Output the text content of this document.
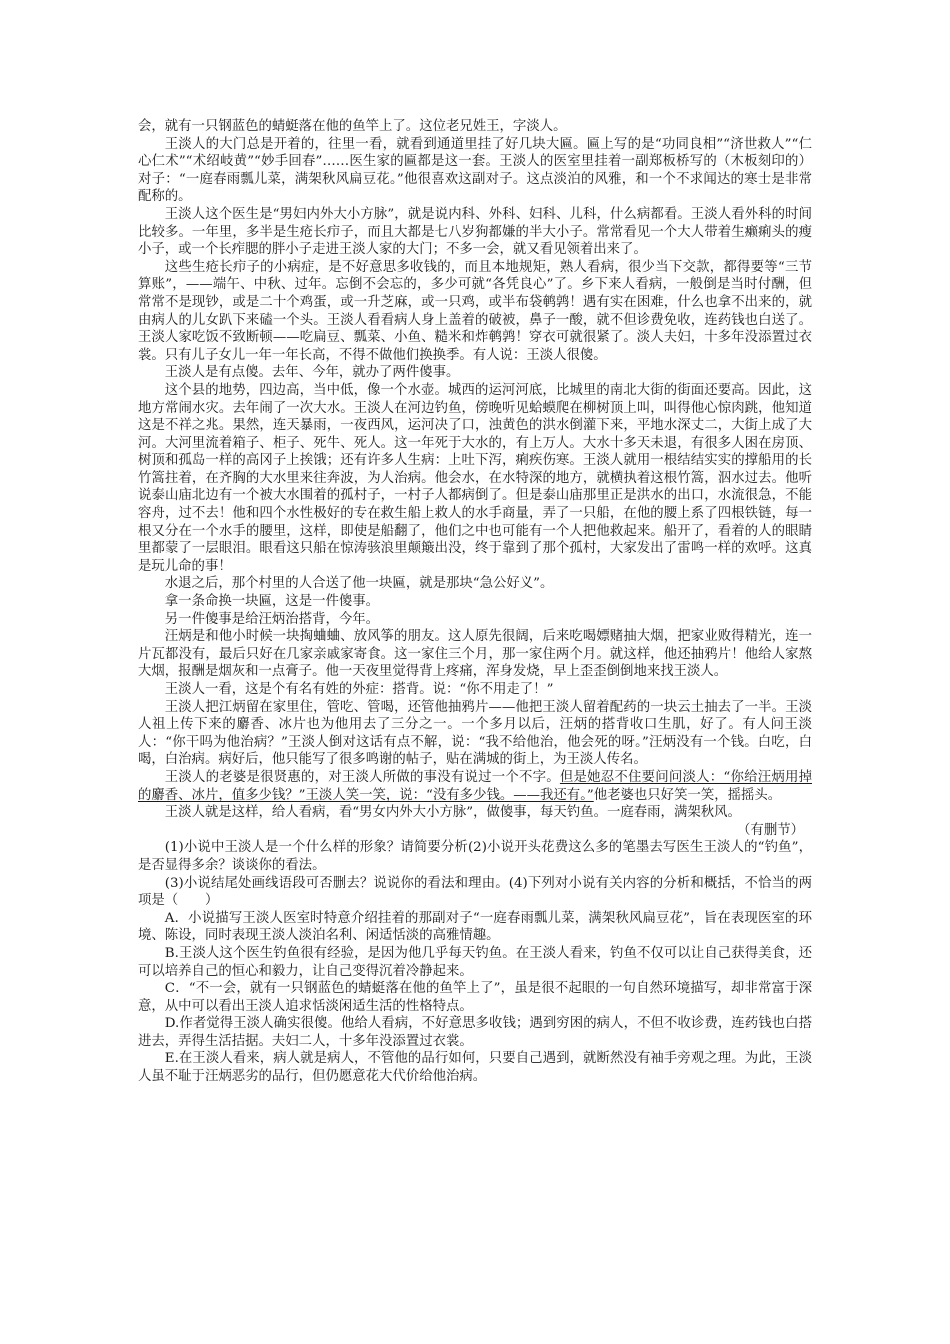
会，就有一只钢蓝色的蜻蜓落在他的鱼竿上了。这位老兄姓王，字淡人。

王淡人的大门总是开着的，往里一看，就看到通道里挂了好几块大匾。匾上写的是“功同良相”“济世救人”“仁心仁术”“术绍岐黄”“妙手回春”……医生家的匾都是这一套。王淡人的医室里挂着一副郑板桥写的（木板刻印的）对子：“一庭春雨瓢儿菜，满架秋风扁豆花。”他很喜欢这副对子。这点淡泊的风雅，和一个不求闻达的寒士是非常配称的。

王淡人这个医生是“男妇内外大小方脉”，就是说内科、外科、妇科、儿科，什么病都看。王淡人看外科的时间比较多。一年里，多半是生疮长疖子，而且大都是七八岁狗都嫌的半大小子。常常看见一个大人带着生癞痢头的瘦小子，或一个长痄腮的胖小子走进王淡人家的大门；不多一会，就又看见领着出来了。

这些生疮长疖子的小病症，是不好意思多收钱的，而且本地规矩，熟人看病，很少当下交款，都得要等“三节算账”，——端午、中秋、过年。忘倒不会忘的，多少可就“各凭良心”了。乡下来人看病，一般倒是当时付酬，但常常不是现钞，或是二十个鸡蛋，或一升芝麻，或一只鸡，或半布袋鹌鹑！遇有实在困难，什么也拿不出来的，就由病人的儿女趴下来磕一个头。王淡人看看病人身上盖着的破被，鼻子一酸，就不但诊费免收，连药钱也白送了。王淡人家吃饭不致断顿——吃扁豆、瓢菜、小鱼、糙米和炸鹌鹑！穿衣可就很紧了。淡人夫妇，十多年没添置过衣裳。只有儿子女儿一年一年长高，不得不做他们换换季。有人说：王淡人很傻。

王淡人是有点傻。去年、今年，就办了两件傻事。

这个县的地势，四边高，当中低，像一个水壶。城西的运河河底，比城里的南北大街的街面还要高。因此，这地方常闹水灾。去年闹了一次大水。王淡人在河边钓鱼，傍晚听见蛤蟆爬在柳树顶上叫，叫得他心惊肉跳，他知道这是不祥之兆。果然，连天暴雨，一夜西风，运河决了口，浊黄色的洪水倒灌下来，平地水深丈二，大街上成了大河。大河里流着箱子、柜子、死牛、死人。这一年死于大水的，有上万人。大水十多天未退，有很多人困在房顶、树顶和孤岛一样的高冈子上挨饿；还有许多人生病：上吐下泻，痢疾伤寒。王淡人就用一根结结实实的撑船用的长竹篙拄着，在齐胸的大水里来往奔波，为人治病。他会水，在水特深的地方，就横执着这根竹篙，泅水过去。他听说泰山庙北边有一个被大水围着的孤村子，一村子人都病倒了。但是泰山庙那里正是洪水的出口，水流很急，不能容舟，过不去！他和四个水性极好的专在救生船上救人的水手商量，弄了一只船，在他的腰上系了四根铁链，每一根又分在一个水手的腰里，这样，即使是船翻了，他们之中也可能有一个人把他救起来。船开了，看着的人的眼睛里都蒙了一层眼泪。眼看这只船在惊涛骇浪里颠簸出没，终于靠到了那个孤村，大家发出了雷鸣一样的欢呼。这真是玩儿命的事！

水退之后，那个村里的人合送了他一块匾，就是那块“急公好义”。

拿一条命换一块匾，这是一件傻事。

另一件傻事是给汪炳治搭背，今年。

汪炳是和他小时候一块掏蛐蛐、放风筝的朋友。这人原先很阔，后来吃喝嫖赌抽大烟，把家业败得精光，连一片瓦都没有，最后只好在几家亲戚家寄食。这一家住三个月，那一家住两个月。就这样，他还抽鸦片！他给人家熬大烟，报酬是烟灰和一点膏子。他一天夜里觉得背上疼痛，浑身发烧，早上歪歪倒倒地来找王淡人。

王淡人一看，这是个有名有姓的外症：搭背。说：“你不用走了！”

王淡人把江炳留在家里住，管吃、管喝，还管他抽鸦片——他把王淡人留着配药的一块云土抽去了一半。王淡人祖上传下来的麝香、冰片也为他用去了三分之一。一个多月以后，汪炳的搭背收口生肌，好了。有人问王淡人：“你干吗为他治病？”王淡人倒对这话有点不解，说：“我不给他治，他会死的呀。”汪炳没有一个钱。白吃，白喝，白治病。病好后，他只能写了很多鸣谢的帖子，贴在满城的街上，为王淡人传名。

王淡人的老婆是很贤惠的，对王淡人所做的事没有说过一个不字。但是她忍不住要问问淡人：“你给汪炳用掉的麝香、冰片，值多少钱？”王淡人笑一笑，说：“没有多少钱。——我还有。”他老婆也只好笑一笑，摇摇头。

王淡人就是这样，给人看病，看“男女内外大小方脉”，做傻事，每天钓鱼。一庭春雨，满架秋风。

（有删节）

(1)小说中王淡人是一个什么样的形象？请简要分析(2)小说开头花费这么多的笔墨去写医生王淡人的“钓鱼”，是否显得多余？谈谈你的看法。

(3)小说结尾处画线语段可否删去？说说你的看法和理由。(4)下列对小说有关内容的分析和概括，不恰当的两项是（　　）

A．小说描写王淡人医室时特意介绍挂着的那副对子“一庭春雨瓢儿菜，满架秋风扁豆花”，旨在表现医室的环境、陈设，同时表现王淡人淡泊名利、闲适恬淡的高雅情趣。

B.王淡人这个医生钓鱼很有经验，是因为他几乎每天钓鱼。在王淡人看来，钓鱼不仅可以让自己获得美食，还可以培养自己的恒心和毅力，让自己变得沉着冷静起来。

C．“不一会，就有一只钢蓝色的蜻蜓落在他的鱼竿上了”，虽是很不起眼的一句自然环境描写，却非常富于深意，从中可以看出王淡人追求恬淡闲适生活的性格特点。

D.作者觉得王淡人确实很傻。他给人看病，不好意思多收钱；遇到穷困的病人，不但不收诊费，连药钱也白搭进去，弄得生活拮据。夫妇二人，十多年没添置过衣裳。

E.在王淡人看来，病人就是病人，不管他的品行如何，只要自己遇到，就断然没有袖手旁观之理。为此，王淡人虽不耻于汪炳恶劣的品行，但仍愿意花大代价给他治病。
